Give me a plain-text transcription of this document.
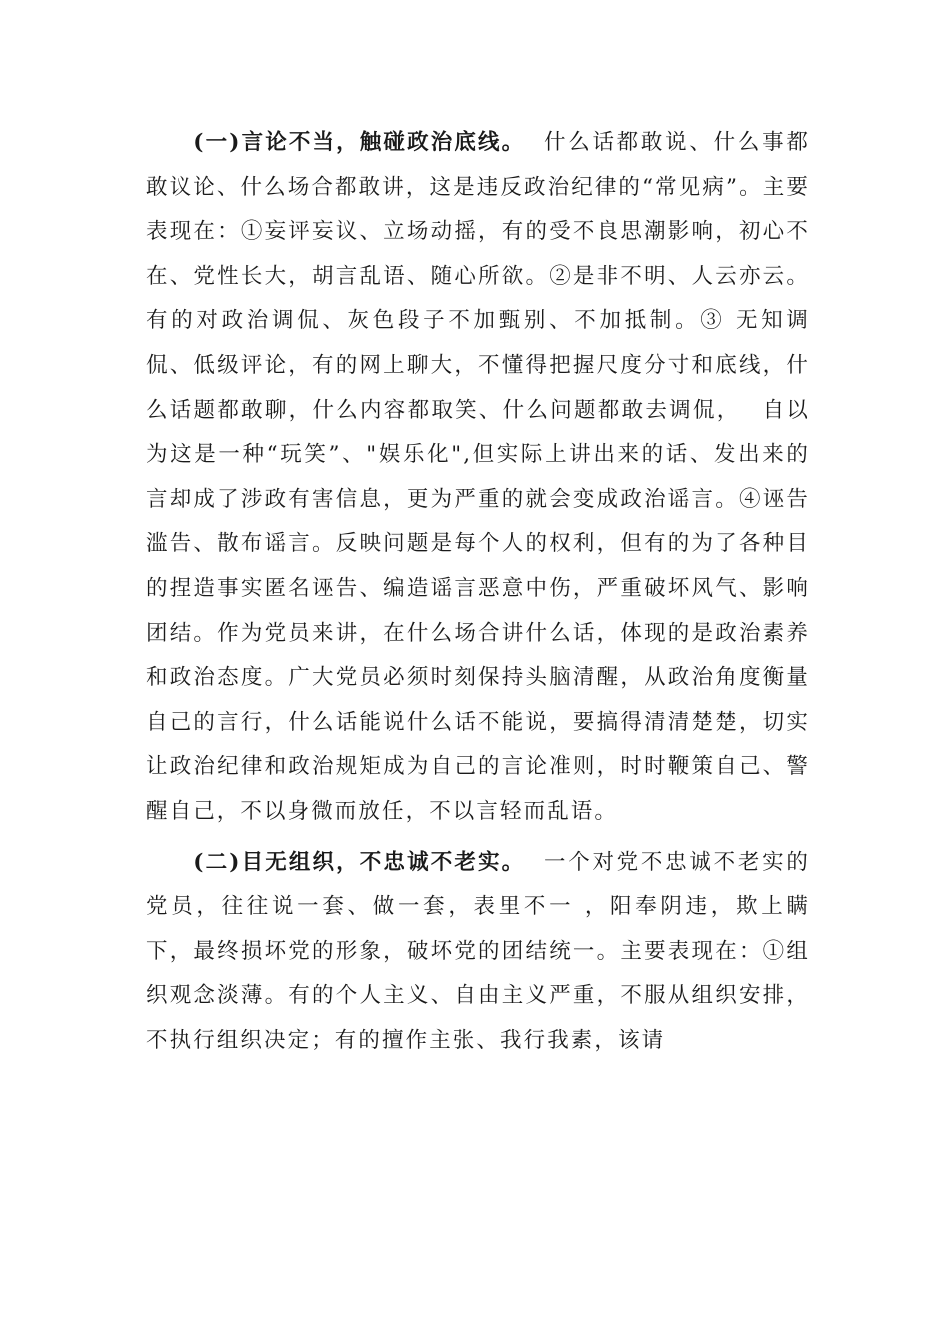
(一)言论不当，触碰政治底线。 什么话都敢说、什么事都敢议论、什么场合都敢讲，这是违反政治纪律的“常见病”。主要表现在：①妄评妄议、立场动摇，有的受不良思潮影响，初心不在、党性长大，胡言乱语、随心所欲。②是非不明、人云亦云。有的对政治调侃、灰色段子不加甄别、不加抵制。③ 无知调侃、低级评论，有的网上聊大，不懂得把握尺度分寸和底线，什么话题都敢聊，什么内容都取笑、什么问题都敢去调侃，　 自以为这是一种“玩笑”、"娱乐化",但实际上讲出来的话、发出来的言却成了涉政有害信息，更为严重的就会变成政治谣言。④诬告滥告、散布谣言。反映问题是每个人的权利，但有的为了各种目的捏造事实匿名诬告、编造谣言恶意中伤，严重破坏风气、影响团结。作为党员来讲，在什么场合讲什么话，体现的是政治素养和政治态度。广大党员必须时刻保持头脑清醒，从政治角度衡量自己的言行，什么话能说什么话不能说，要搞得清清楚楚，切实让政治纪律和政治规矩成为自己的言论准则，时时鞭策自己、警醒自己，不以身微而放任，不以言轻而乱语。

(二)目无组织，不忠诚不老实。 一个对党不忠诚不老实的党员，往往说一套、做一套，表里不一 ，阳奉阴违，欺上瞒下，最终损坏党的形象，破坏党的团结统一。主要表现在：①组织观念淡薄。有的个人主义、自由主义严重，不服从组织安排，不执行组织决定；有的擅作主张、我行我素，该请
